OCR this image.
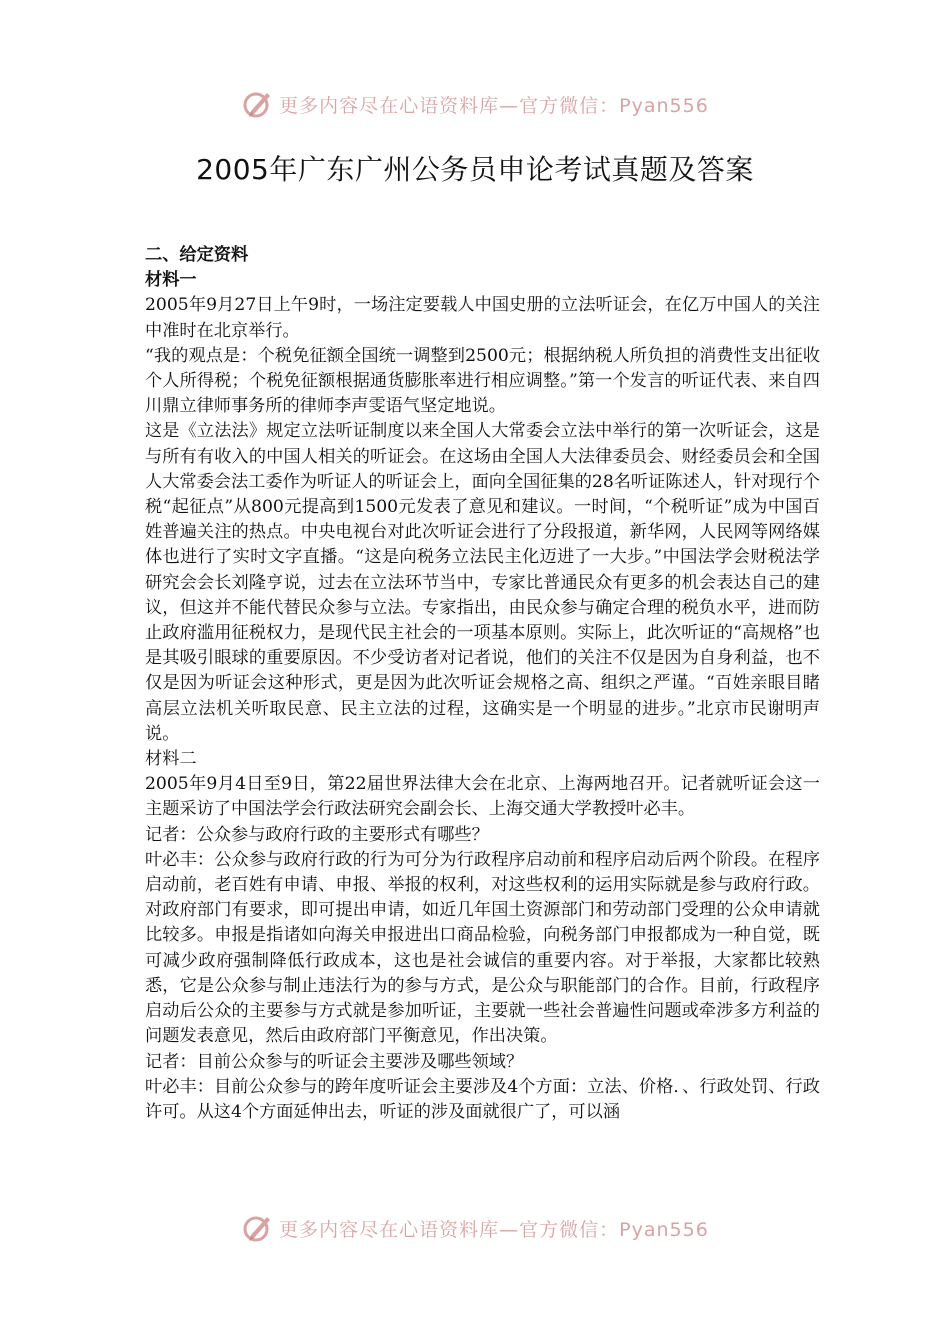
更多内容尽在心语资料库—官方微信：Pyan556
2005年广东广州公务员申论考试真题及答案

二、给定资料

材料一

2005年9月27日上午9时，一场注定要载人中国史册的立法听证会，在亿万中国人的关注中准时在北京举行。

“我的观点是：个税免征额全国统一调整到2500元；根据纳税人所负担的消费性支出征收个人所得税；个税免征额根据通货膨胀率进行相应调整。”第一个发言的听证代表、来自四川鼎立律师事务所的律师李声雯语气坚定地说。

这是《立法法》规定立法听证制度以来全国人大常委会立法中举行的第一次听证会，这是与所有有收入的中国人相关的听证会。在这场由全国人大法律委员会、财经委员会和全国人大常委会法工委作为听证人的听证会上，面向全国征集的28名听证陈述人，针对现行个税“起征点”从800元提高到1500元发表了意见和建议。一时间，“个税听证”成为中国百姓普遍关注的热点。中央电视台对此次听证会进行了分段报道，新华网，人民网等网络媒体也进行了实时文字直播。“这是向税务立法民主化迈进了一大步。”中国法学会财税法学研究会会长刘隆亨说，过去在立法环节当中，专家比普通民众有更多的机会表达自己的建议，但这并不能代替民众参与立法。专家指出，由民众参与确定合理的税负水平，进而防止政府滥用征税权力，是现代民主社会的一项基本原则。实际上，此次听证的“高规格”也是其吸引眼球的重要原因。不少受访者对记者说，他们的关注不仅是因为自身利益，也不仅是因为听证会这种形式，更是因为此次听证会规格之高、组织之严谨。“百姓亲眼目睹高层立法机关听取民意、民主立法的过程，这确实是一个明显的进步。”北京市民谢明声说。

材料二

2005年9月4日至9日，第22届世界法律大会在北京、上海两地召开。记者就听证会这一主题采访了中国法学会行政法研究会副会长、上海交通大学教授叶必丰。

记者：公众参与政府行政的主要形式有哪些？

叶必丰：公众参与政府行政的行为可分为行政程序启动前和程序启动后两个阶段。在程序启动前，老百姓有申请、申报、举报的权利，对这些权利的运用实际就是参与政府行政。对政府部门有要求，即可提出申请，如近几年国土资源部门和劳动部门受理的公众申请就比较多。申报是指诸如向海关申报进出口商品检验，向税务部门申报都成为一种自觉，既可减少政府强制降低行政成本，这也是社会诚信的重要内容。对于举报，大家都比较熟悉，它是公众参与制止违法行为的参与方式，是公众与职能部门的合作。目前，行政程序启动后公众的主要参与方式就是参加听证，主要就一些社会普遍性问题或牵涉多方利益的问题发表意见，然后由政府部门平衡意见，作出决策。

记者：目前公众参与的听证会主要涉及哪些领域？

叶必丰：目前公众参与的跨年度听证会主要涉及4个方面：立法、价格．、行政处罚、行政许可。从这4个方面延伸出去，听证的涉及面就很广了，可以涵

更多内容尽在心语资料库—官方微信：Pyan556
